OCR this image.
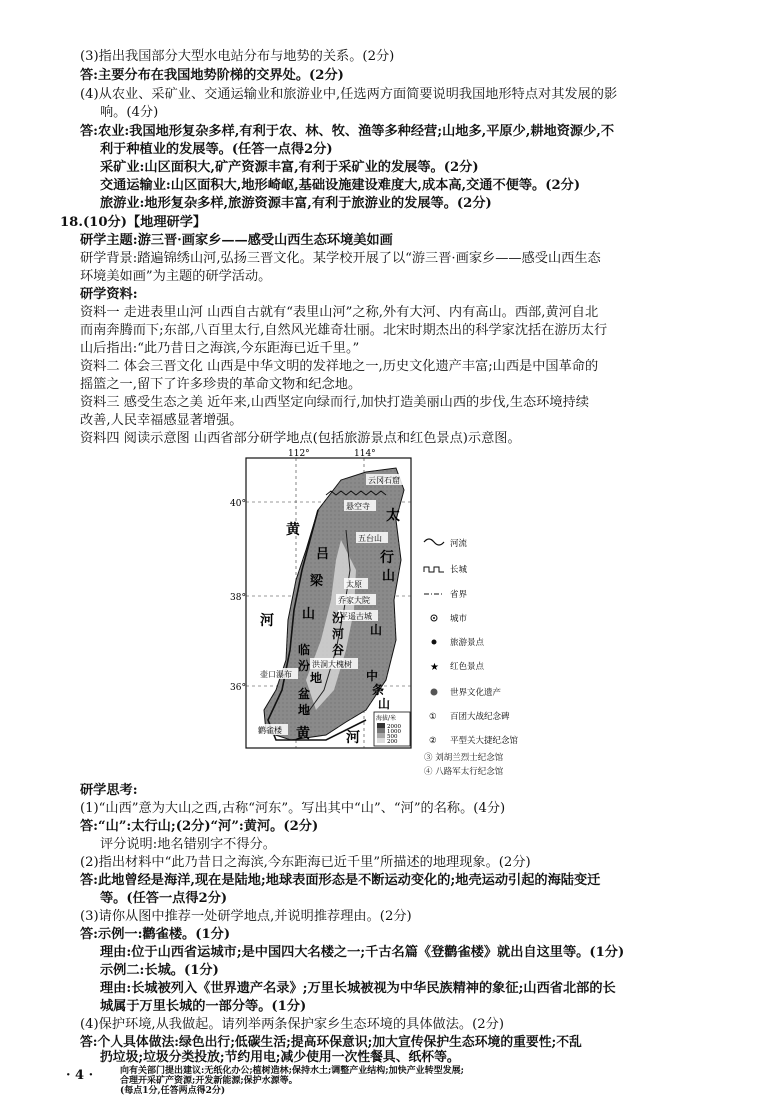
(3)指出我国部分大型水电站分布与地势的关系。(2分)
答:主要分布在我国地势阶梯的交界处。(2分)
(4)从农业、采矿业、交通运输业和旅游业中,任选两方面简要说明我国地形特点对其发展的影
响。(4分)
答:农业:我国地形复杂多样,有利于农、林、牧、渔等多种经营;山地多,平原少,耕地资源少,不
利于种植业的发展等。(任答一点得2分)
采矿业:山区面积大,矿产资源丰富,有利于采矿业的发展等。(2分)
交通运输业:山区面积大,地形崎岖,基础设施建设难度大,成本高,交通不便等。(2分)
旅游业:地形复杂多样,旅游资源丰富,有利于旅游业的发展等。(2分)
18.(10分)【地理研学】
研学主题:游三晋·画家乡——感受山西生态环境美如画
研学背景:踏遍锦绣山河,弘扬三晋文化。某学校开展了以“游三晋·画家乡——感受山西生态
环境美如画”为主题的研学活动。
研学资料:
资料一 走进表里山河 山西自古就有“表里山河”之称,外有大河、内有高山。西部,黄河自北
而南奔腾而下;东部,八百里太行,自然风光雄奇壮丽。北宋时期杰出的科学家沈括在游历太行
山后指出:“此乃昔日之海滨,今东距海已近千里。”
资料二 体会三晋文化 山西是中华文明的发祥地之一,历史文化遗产丰富;山西是中国革命的
摇篮之一,留下了许多珍贵的革命文物和纪念地。
资料三 感受生态之美 近年来,山西坚定向绿而行,加快打造美丽山西的步伐,生态环境持续
改善,人民幸福感显著增强。
资料四 阅读示意图 山西省部分研学地点(包括旅游景点和红色景点)示意图。
112°	114°
40°
38°
36°
云冈石窟
悬空寺
五台山
太原
乔家大院
平遥古城
洪洞大槐树
壶口瀑布
鹳雀楼
黄
河
吕
梁
山 汾
河
谷
地
太
行
山
临
汾
盆
地
中
条
山
黄	河
山
海拔/米
2000
1000
500
200
河流
长城
省界
城市
旅游景点
★ 红色景点
世界文化遗产
① 百团大战纪念碑
② 平型关大捷纪念馆
③ 刘胡兰烈士纪念馆
④ 八路军太行纪念馆
研学思考:
(1)“山西”意为大山之西,古称“河东”。写出其中“山”、“河”的名称。(4分)
答:“山”:太行山;(2分)“河”:黄河。(2分)
评分说明:地名错别字不得分。
(2)指出材料中“此乃昔日之海滨,今东距海已近千里”所描述的地理现象。(2分)
答:此地曾经是海洋,现在是陆地;地球表面形态是不断运动变化的;地壳运动引起的海陆变迁
等。(任答一点得2分)
(3)请你从图中推荐一处研学地点,并说明推荐理由。(2分)
答:示例一:鹳雀楼。(1分)
理由:位于山西省运城市;是中国四大名楼之一;千古名篇《登鹳雀楼》就出自这里等。(1分)
示例二:长城。(1分)
理由:长城被列入《世界遗产名录》;万里长城被视为中华民族精神的象征;山西省北部的长
城属于万里长城的一部分等。(1分)
(4)保护环境,从我做起。请列举两条保护家乡生态环境的具体做法。(2分)
答:个人具体做法:绿色出行;低碳生活;提高环保意识;加大宣传保护生态环境的重要性;不乱
扔垃圾;垃圾分类投放;节约用电;减少使用一次性餐具、纸杯等。
· 4 ·	向有关部门提出建议:无纸化办公;植树造林;保持水土;调整产业结构;加快产业转型发展;
合理开采矿产资源;开发新能源;保护水源等。
(每点1分,任答两点得2分)
